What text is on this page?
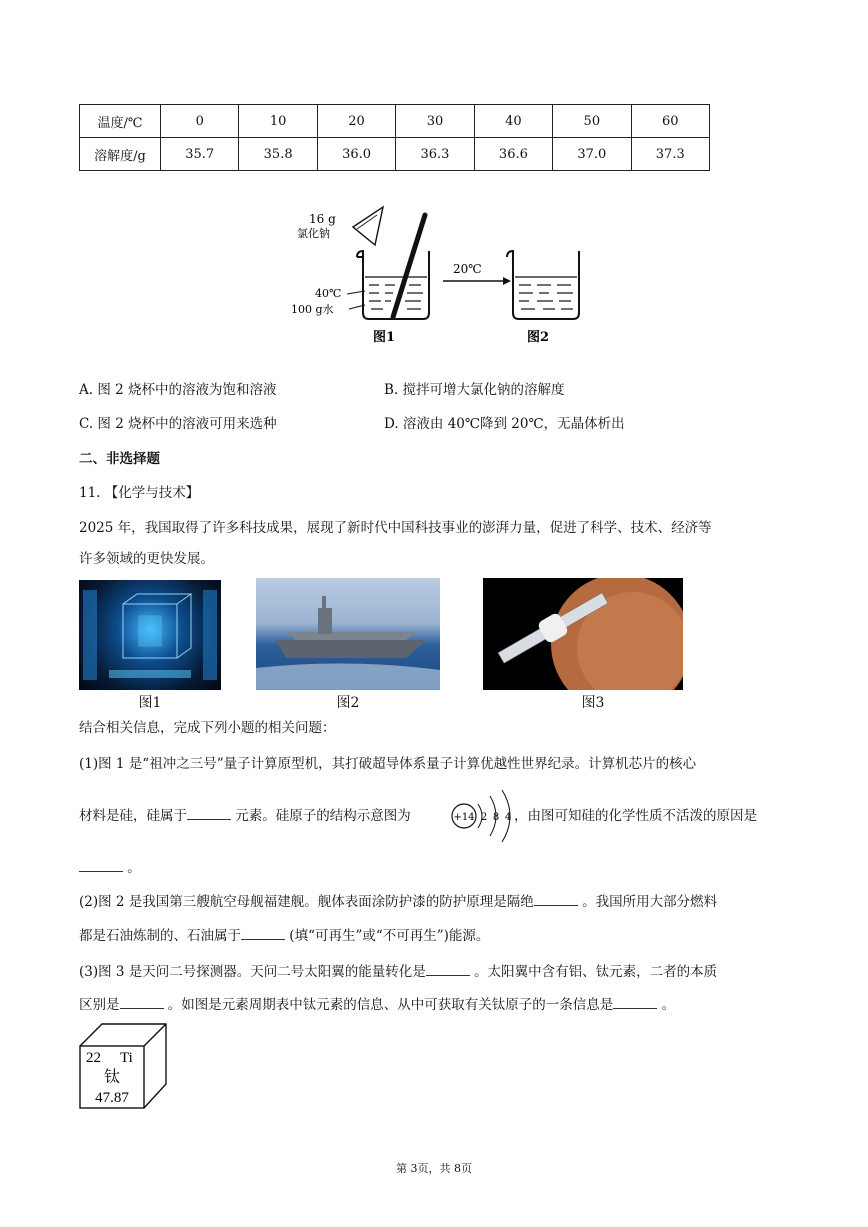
温度/℃	0	10	20	30	40	50	60
溶解度/g	35.7	35.8	36.0	36.3	36.6	37.0	37.3
16 g
氯化钠
40℃
100 g水
20℃
图1	图2
A. 图 2 烧杯中的溶液为饱和溶液	B. 搅拌可增大氯化钠的溶解度
C. 图 2 烧杯中的溶液可用来选种	D. 溶液由 40℃降到 20℃，无晶体析出
二、非选择题
11. 【化学与技术】
2025 年，我国取得了许多科技成果，展现了新时代中国科技事业的澎湃力量，促进了科学、技术、经济等
许多领域的更快发展。
图1	图2	图3
结合相关信息，完成下列小题的相关问题：
(1)图 1 是“祖冲之三号”量子计算原型机，其打破超导体系量子计算优越性世界纪录。计算机芯片的核心
材料是硅，硅属于	元素。硅原子的结构示意图为	+14 2 8 4 ，由图可知硅的化学性质不活泼的原因是
。
(2)图 2 是我国第三艘航空母舰福建舰。舰体表面涂防护漆的防护原理是隔绝	。我国所用大部分燃料
都是石油炼制的、石油属于	(填“可再生”或“不可再生”)能源。
(3)图 3 是天问二号探测器。天问二号太阳翼的能量转化是	。太阳翼中含有铝、钛元素，二者的本质
区别是	。如图是元素周期表中钛元素的信息、从中可获取有关钛原子的一条信息是	。
22 Ti
钛
47.87
第 3页，共 8页
